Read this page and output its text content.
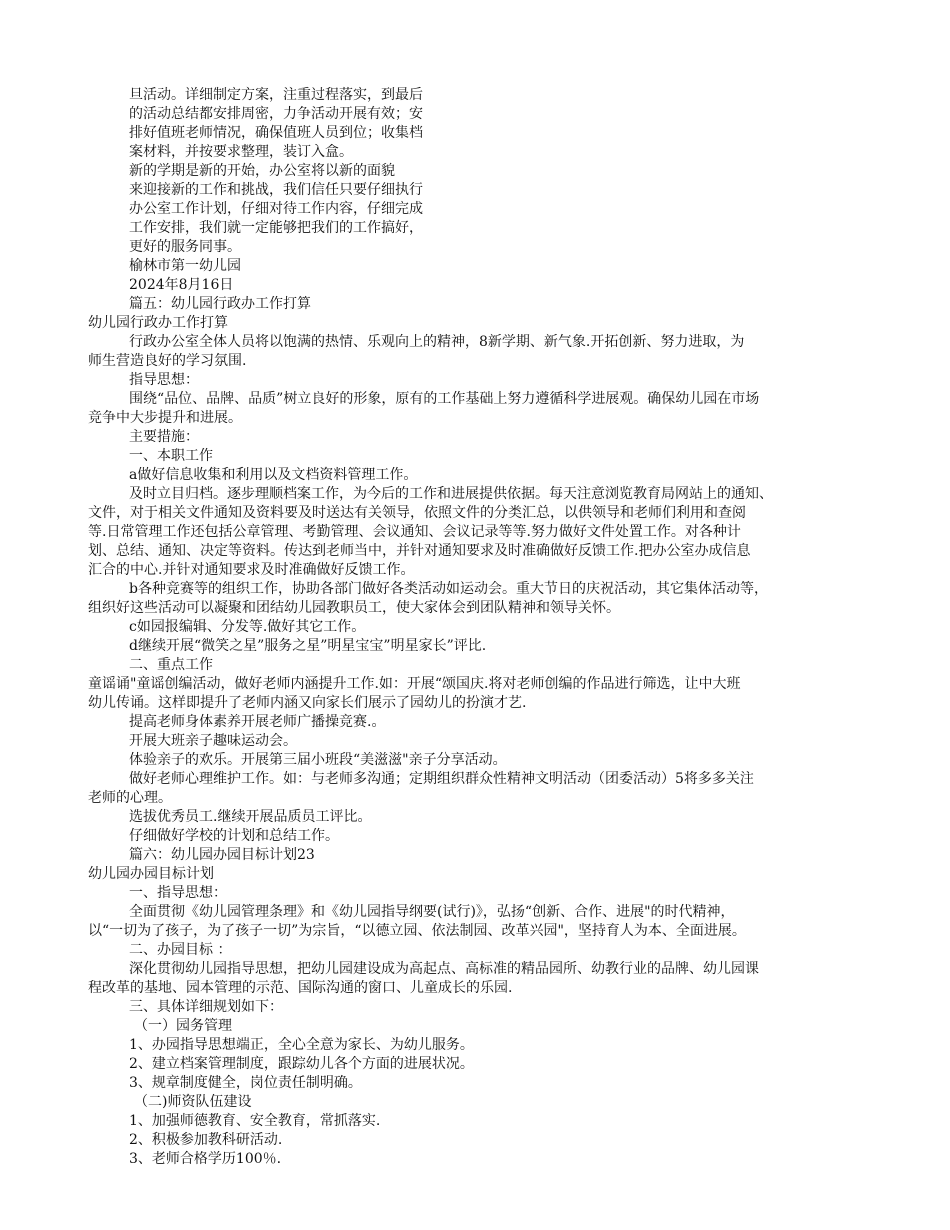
旦活动。详细制定方案，注重过程落实，到最后

的活动总结都安排周密，力争活动开展有效；安

排好值班老师情况，确保值班人员到位；收集档

案材料，并按要求整理，装订入盒。

新的学期是新的开始，办公室将以新的面貌

来迎接新的工作和挑战，我们信任只要仔细执行

办公室工作计划，仔细对待工作内容，仔细完成

工作安排，我们就一定能够把我们的工作搞好，

更好的服务同事。

榆林市第一幼儿园

2024年8月16日

篇五：幼儿园行政办工作打算

幼儿园行政办工作打算

行政办公室全体人员将以饱满的热情、乐观向上的精神，8新学期、新气象.开拓创新、努力进取，为

师生营造良好的学习氛围.

指导思想：

围绕“品位、品牌、品质”树立良好的形象，原有的工作基础上努力遵循科学进展观。确保幼儿园在市场

竞争中大步提升和进展。

主要措施：

一、本职工作

a做好信息收集和利用以及文档资料管理工作。

及时立目归档。逐步理顺档案工作，为今后的工作和进展提供依据。每天注意浏览教育局网站上的通知、

文件，对于相关文件通知及资料要及时送达有关领导，依照文件的分类汇总，以供领导和老师们利用和查阅

等.日常管理工作还包括公章管理、考勤管理、会议通知、会议记录等等.努力做好文件处置工作。对各种计

划、总结、通知、决定等资料。传达到老师当中，并针对通知要求及时准确做好反馈工作.把办公室办成信息

汇合的中心.并针对通知要求及时准确做好反馈工作。

b各种竞赛等的组织工作，协助各部门做好各类活动如运动会。重大节日的庆祝活动，其它集体活动等，

组织好这些活动可以凝聚和团结幼儿园教职员工，使大家体会到团队精神和领导关怀。

c如园报编辑、分发等.做好其它工作。

d继续开展“微笑之星”服务之星”明星宝宝”明星家长”评比.

二、重点工作

童谣诵"童谣创编活动，做好老师内涵提升工作.如：开展“颂国庆.将对老师创编的作品进行筛选，让中大班

幼儿传诵。这样即提升了老师内涵又向家长们展示了园幼儿的扮演才艺.

提高老师身体素养开展老师广播操竞赛.。

开展大班亲子趣味运动会。

体验亲子的欢乐。开展第三届小班段“美滋滋"亲子分享活动。

做好老师心理维护工作。如：与老师多沟通；定期组织群众性精神文明活动（团委活动）5将多多关注

老师的心理。

选拔优秀员工.继续开展品质员工评比。

仔细做好学校的计划和总结工作。

篇六：幼儿园办园目标计划23

幼儿园办园目标计划

一、指导思想：

全面贯彻《幼儿园管理条理》和《幼儿园指导纲要(试行)》，弘扬“创新、合作、进展"的时代精神，

以“一切为了孩子，为了孩子一切”为宗旨，“以德立园、依法制园、改革兴园"，坚持育人为本、全面进展。

二、办园目标 ：

深化贯彻幼儿园指导思想，把幼儿园建设成为高起点、高标准的精品园所、幼教行业的品牌、幼儿园课

程改革的基地、园本管理的示范、国际沟通的窗口、儿童成长的乐园.

三、具体详细规划如下：

（一）园务管理

1、办园指导思想端正，全心全意为家长、为幼儿服务。

2、建立档案管理制度，跟踪幼儿各个方面的进展状况。

3、规章制度健全，岗位责任制明确。

（二)师资队伍建设

1、加强师德教育、安全教育，常抓落实.

2、积极参加教科研活动.

3、老师合格学历100％.
